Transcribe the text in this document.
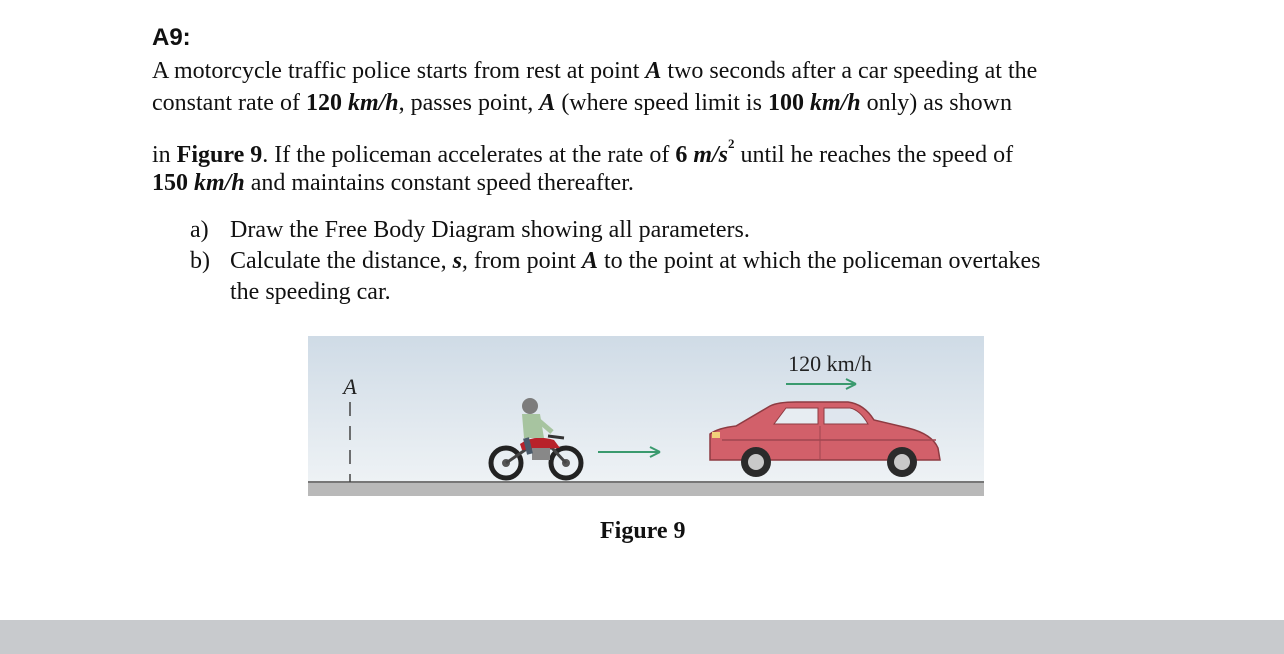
A9:
A motorcycle traffic police starts from rest at point A two seconds after a car speeding at the
constant rate of 120 km/h, passes point, A (where speed limit is 100 km/h only) as shown
in Figure 9. If the policeman accelerates at the rate of 6 $m/s^2$ until he reaches the speed of
150 km/h and maintains constant speed thereafter.
a) Draw the Free Body Diagram showing all parameters.
b) Calculate the distance, s, from point A to the point at which the policeman overtakes
the speeding car.
A
120 km/h
Figure 9
